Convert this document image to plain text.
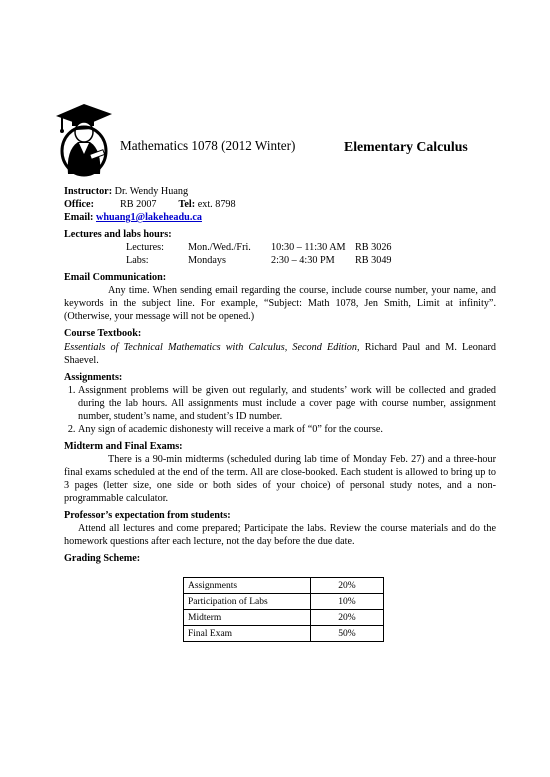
Mathematics 1078 (2012 Winter)	Elementary Calculus
Instructor: Dr. Wendy Huang
Office:	RB 2007 Tel: ext. 8798
Email: whuang1@lakeheadu.ca
Lectures and labs hours:
Lectures: Mon./Wed./Fri. 10:30 – 11:30 AM RB 3026
Labs:	Mondays	2:30 – 4:30 PM RB 3049
Email Communication:

Any time. When sending email regarding the course, include course number, your name, and keywords in the subject line. For example, “Subject: Math 1078, Jen Smith, Limit at infinity”. (Otherwise, your message will not be opened.)

Course Textbook:

Essentials of Technical Mathematics with Calculus, Second Edition, Richard Paul and M. Leonard Shaevel.

Assignments:
1. Assignment problems will be given out regularly, and students’ work will be collected and graded during the lab hours. All assignments must include a cover page with course number, assignment number, student’s name, and student’s ID number.
2. Any sign of academic dishonesty will receive a mark of “0” for the course.
Midterm and Final Exams:

There is a 90-min midterms (scheduled during lab time of Monday Feb. 27) and a three-hour final exams scheduled at the end of the term. All are close-booked. Each student is allowed to bring up to 3 pages (letter size, one side or both sides of your choice) of personal study notes, and a non-programmable calculator.

Professor’s expectation from students:

Attend all lectures and come prepared; Participate the labs. Review the course materials and do the homework questions after each lecture, not the day before the due date.

Grading Scheme:
Assignments	20%
Participation of Labs	10%
Midterm	20%
Final Exam	50%
